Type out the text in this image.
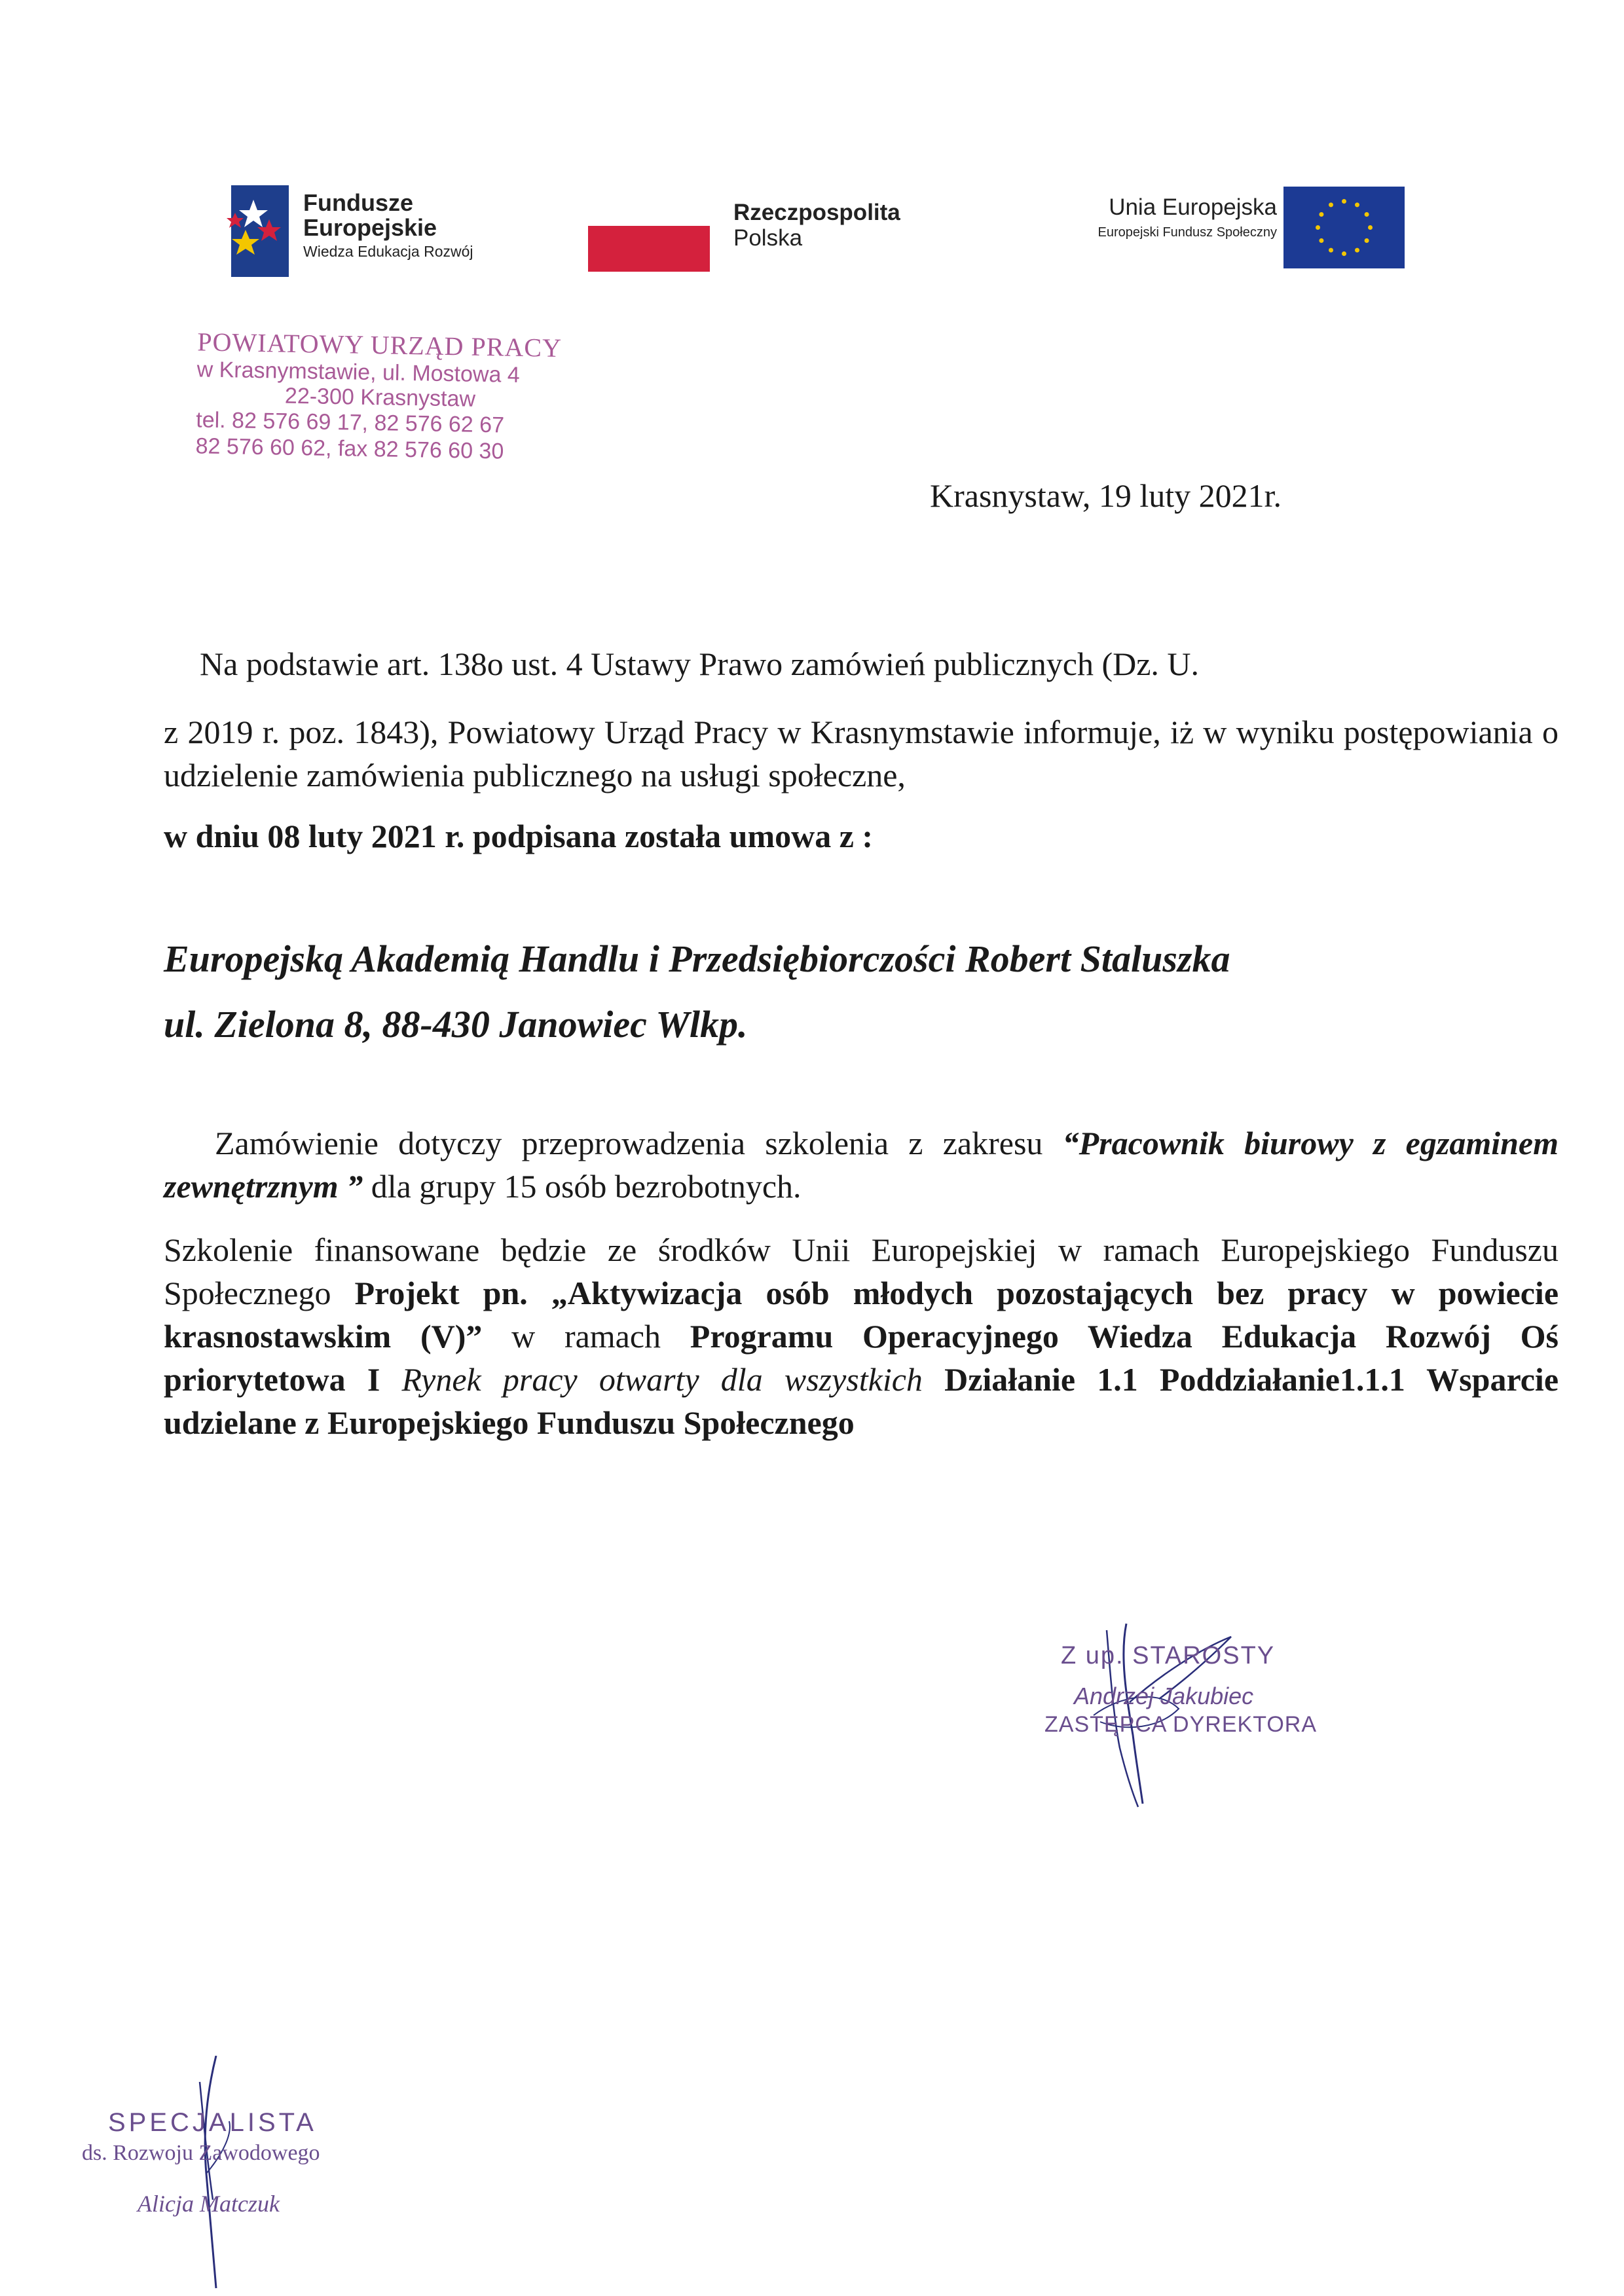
Fundusze
Europejskie
Wiedza Edukacja Rozwój
Rzeczpospolita
Polska
Unia Europejska
Europejski Fundusz Społeczny
POWIATOWY URZĄD PRACY
w Krasnymstawie, ul. Mostowa 4
22-300 Krasnystaw
tel. 82 576 69 17, 82 576 62 67
82 576 60 62, fax 82 576 60 30
Krasnystaw, 19 luty 2021r.
Na podstawie art. 138o ust. 4 Ustawy Prawo zamówień publicznych (Dz. U.
z 2019 r. poz. 1843), Powiatowy Urząd Pracy w Krasnymstawie informuje, iż w wyniku postępowiania o udzielenie zamówienia publicznego na usługi społeczne,
w dniu 08 luty 2021 r. podpisana została umowa z :
Europejską Akademią Handlu i Przedsiębiorczości Robert Staluszka
ul. Zielona 8, 88-430 Janowiec Wlkp.
Zamówienie dotyczy przeprowadzenia szkolenia z zakresu “Pracownik biurowy z egzaminem zewnętrznym ” dla grupy 15 osób bezrobotnych.
Szkolenie finansowane będzie ze środków Unii Europejskiej w ramach Europejskiego Funduszu Społecznego Projekt pn. „Aktywizacja osób młodych pozostających bez pracy w powiecie krasnostawskim (V)” w ramach Programu Operacyjnego Wiedza Edukacja Rozwój Oś priorytetowa I Rynek pracy otwarty dla wszystkich Działanie 1.1 Poddziałanie1.1.1 Wsparcie udzielane z Europejskiego Funduszu Społecznego
Z up. STAROSTY
Andrzej Jakubiec
ZASTĘPCA DYREKTORA
SPECJALISTA
ds. Rozwoju Zawodowego
Alicja Matczuk
